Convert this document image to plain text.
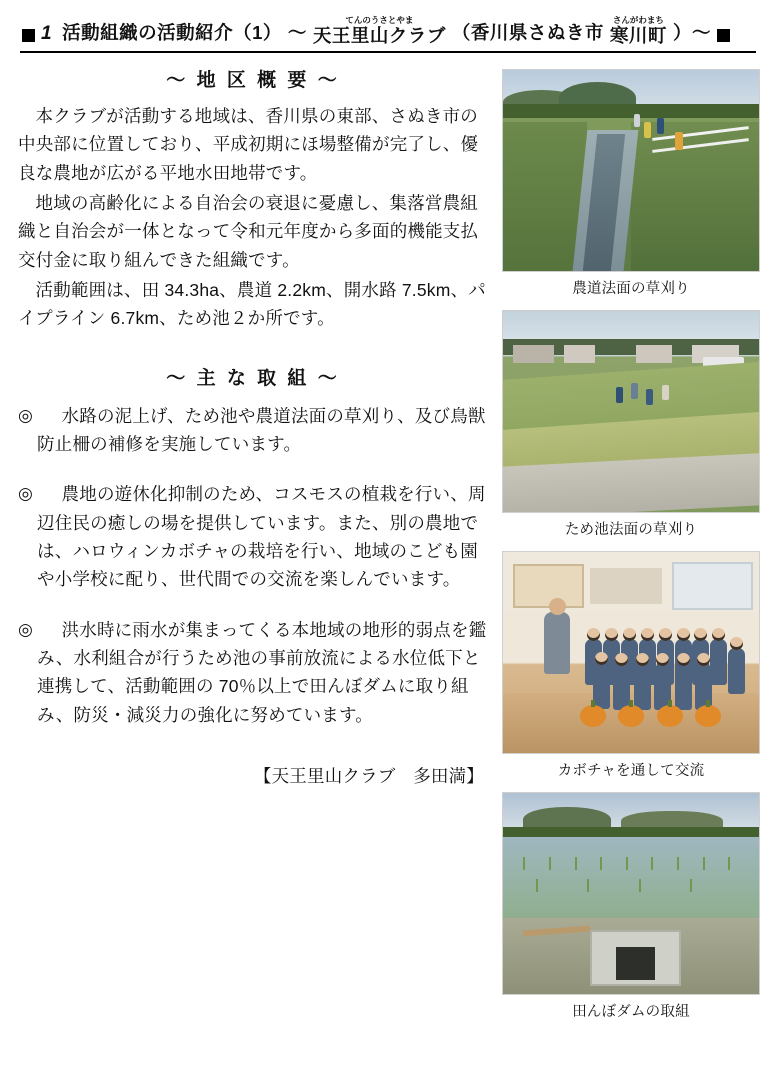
1 活動組織の活動紹介（1） ～
てんのうさとやま
天王里山クラブ （香川県さぬき市
さんがわまち
寒川町 ）～
～ 地 区 概 要 ～

本クラブが活動する地域は、香川県の東部、さぬき市の中央部に位置しており、平成初期にほ場整備が完了し、優良な農地が広がる平地水田地帯です。

地域の高齢化による自治会の衰退に憂慮し、集落営農組織と自治会が一体となって令和元年度から多面的機能支払交付金に取り組んできた組織です。

活動範囲は、田 34.3ha、農道 2.2km、開水路 7.5km、パイプライン 6.7km、ため池２か所です。

～ 主 な 取 組 ～
◎	水路の泥上げ、ため池や農道法面の草刈り、及び鳥獣防止柵の補修を実施しています。
◎	農地の遊休化抑制のため、コスモスの植栽を行い、周辺住民の癒しの場を提供しています。また、別の農地では、ハロウィンカボチャの栽培を行い、地域のこども園や小学校に配り、世代間での交流を楽しんでいます。
◎	洪水時に雨水が集まってくる本地域の地形的弱点を鑑み、水利組合が行うため池の事前放流による水位低下と連携して、活動範囲の 70％以上で田んぼダムに取り組み、防災・減災力の強化に努めています。
【天王里山クラブ　多田満】
農道法面の草刈り
ため池法面の草刈り
カボチャを通して交流
田んぼダムの取組
